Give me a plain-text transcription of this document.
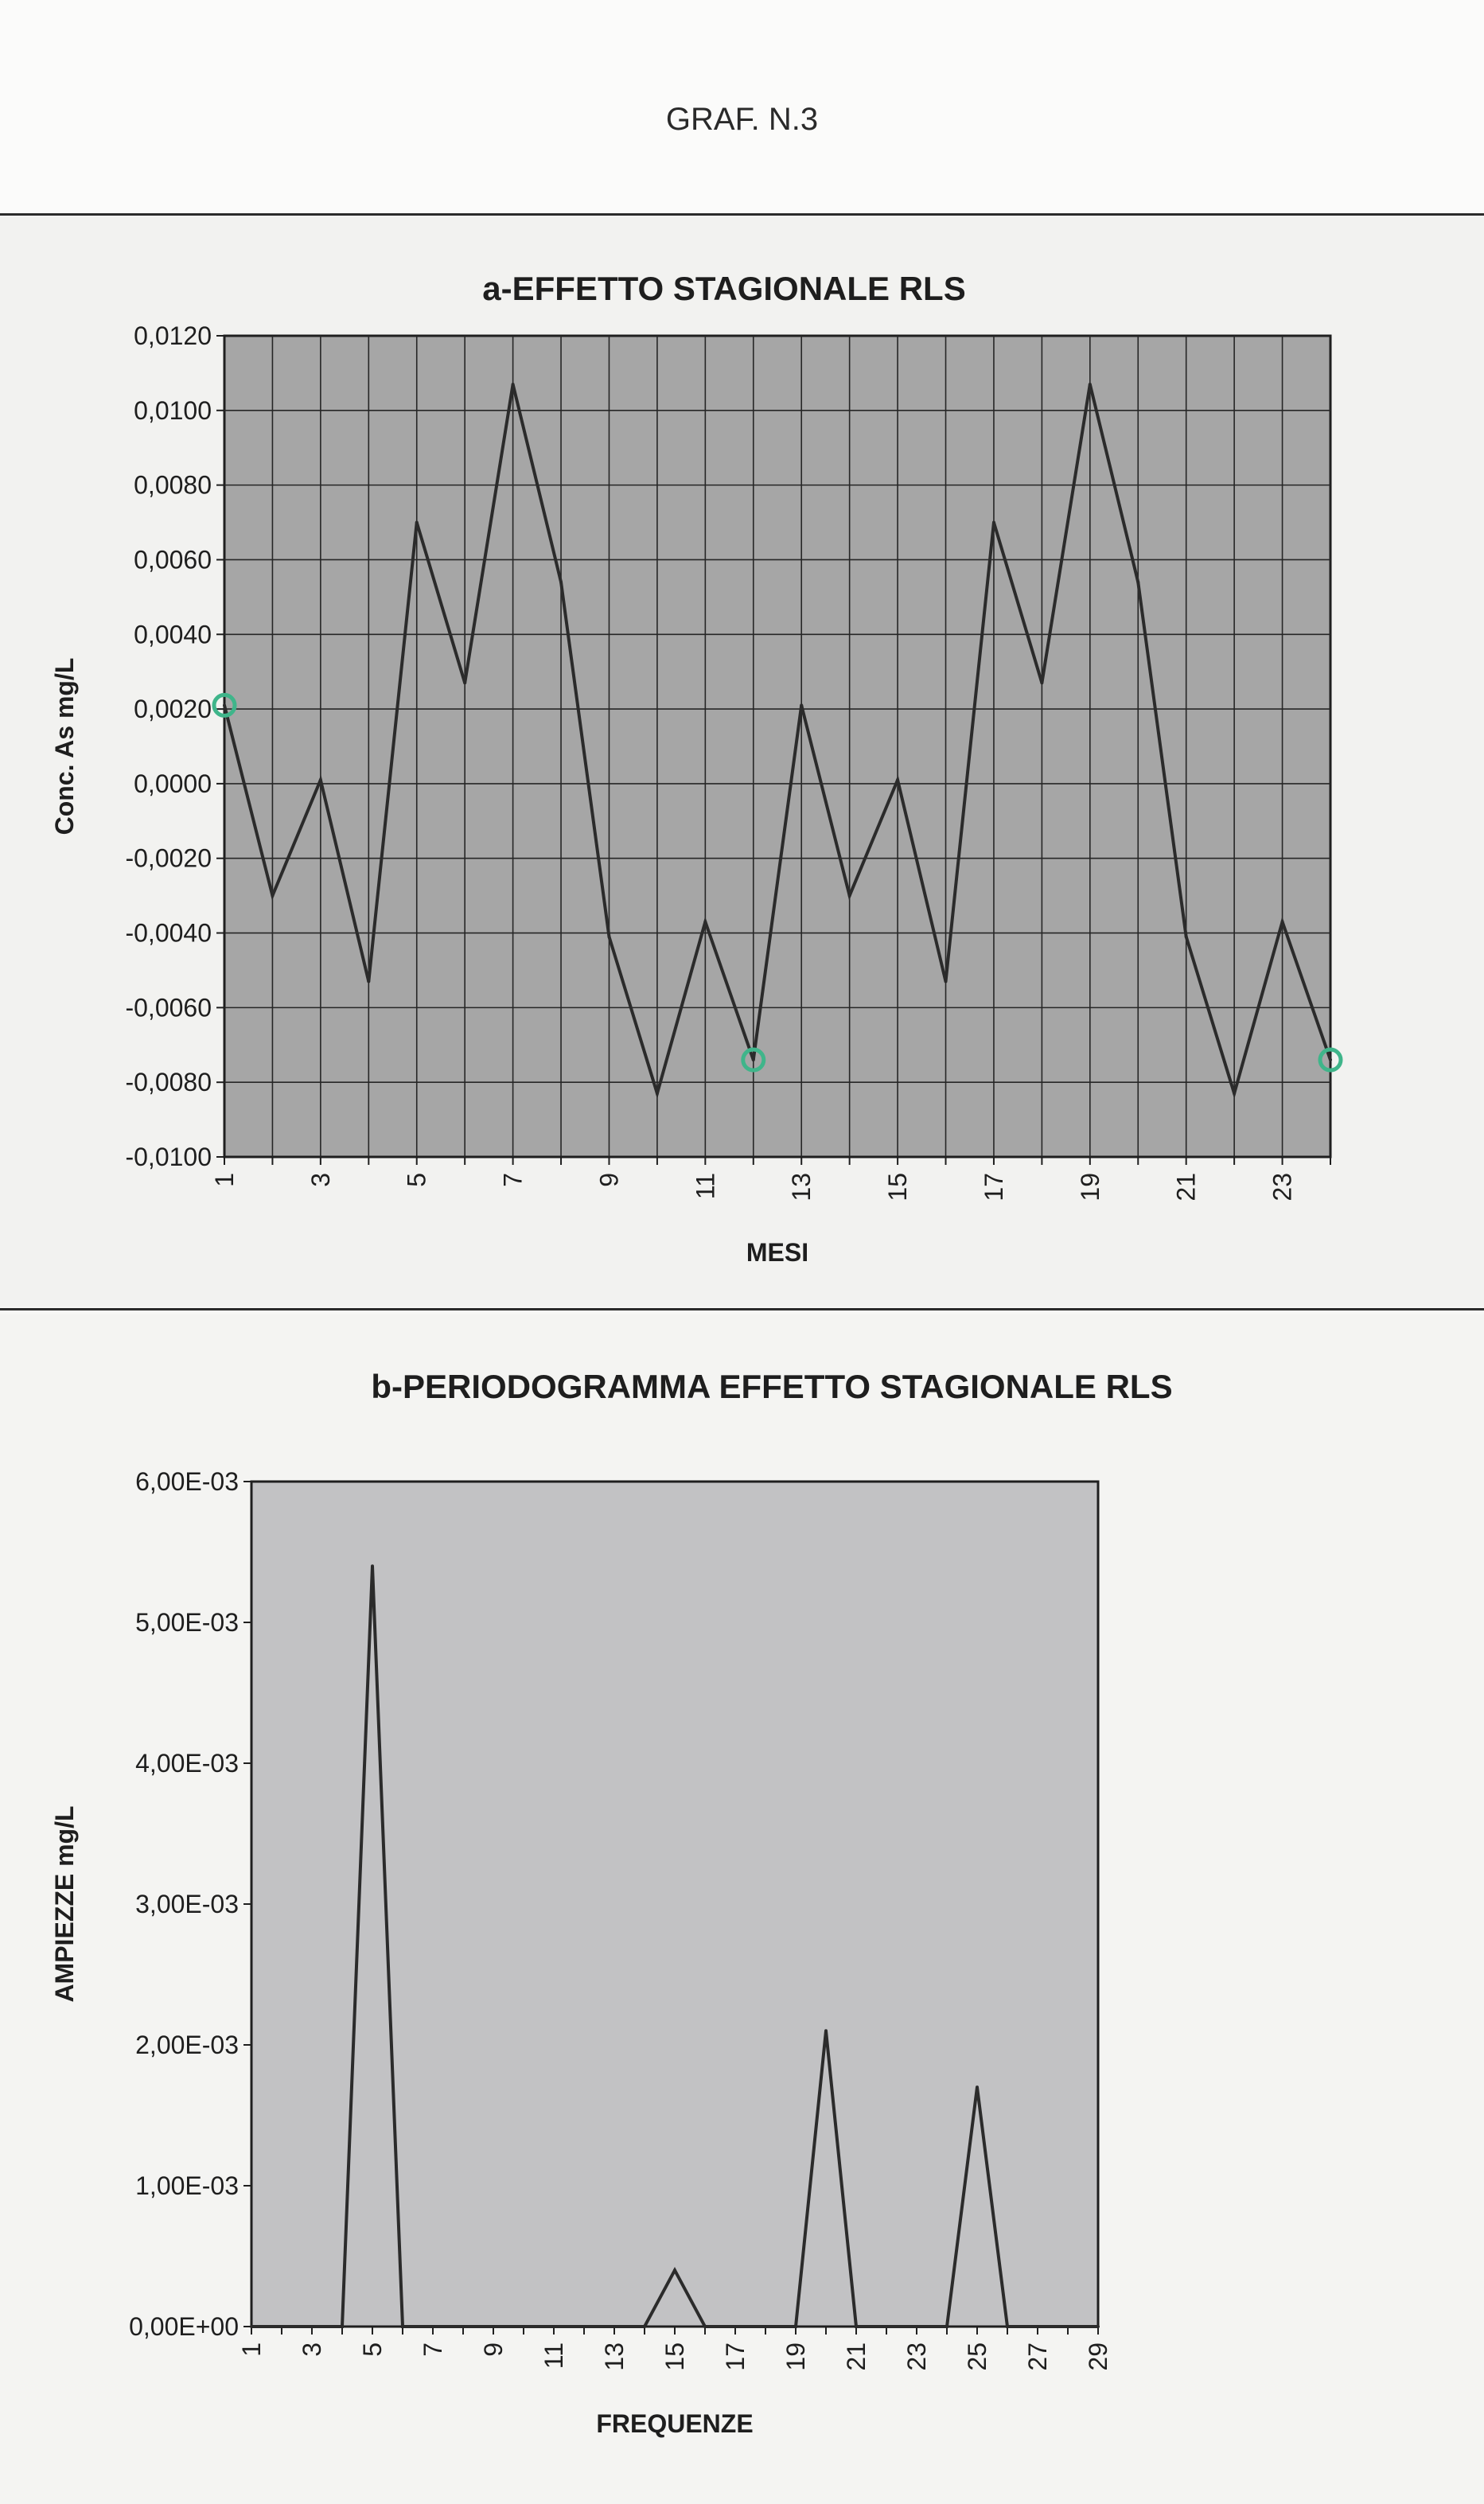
GRAF. N.3
-0,0100
-0,0080
-0,0060
-0,0040
-0,0020
0,0000
0,0020
0,0040
0,0060
0,0080
0,0100
0,0120
1	3	5	7	9	11	13	15	17	19	21	23
a-EFFETTO STAGIONALE RLS
MESI
Conc. As mg/L
0,00E+00
1,00E-03
2,00E-03
3,00E-03
4,00E-03
5,00E-03
6,00E-03
1 3 5 7 9 11 13 15 17 19 21 23 25 27 29
b-PERIODOGRAMMA EFFETTO STAGIONALE RLS
FREQUENZE
AMPIEZZE mg/L
